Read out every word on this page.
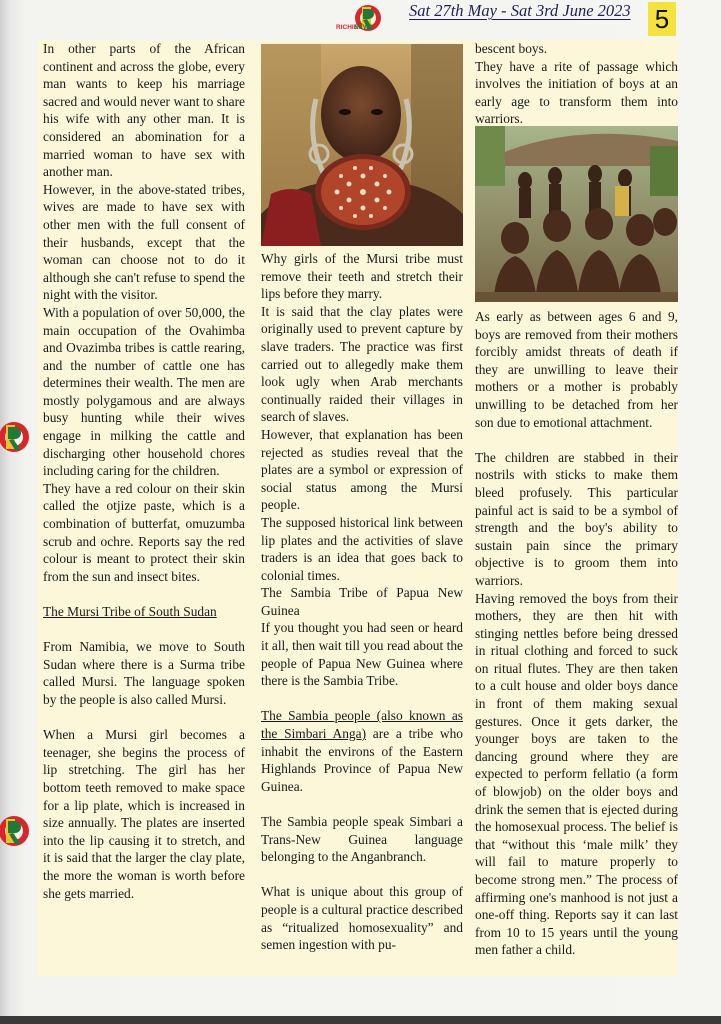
RICHIE
NEWS
Sat 27th May - Sat 3rd June 2023 5

In other parts of the African continent and across the globe, every man wants to keep his marriage sacred and would never want to share his wife with any other man. It is considered an abomination for a married woman to have sex with another man.

However, in the above-stated tribes, wives are made to have sex with other men with the full consent of their husbands, except that the woman can choose not to do it although she can't refuse to spend the night with the visitor.

With a population of over 50,000, the main occupation of the Ovahimba and Ovazimba tribes is cattle rearing, and the number of cattle one has determines their wealth. The men are mostly polygamous and are always busy hunting while their wives engage in milking the cattle and discharging other household chores including caring for the children.

They have a red colour on their skin called the otjize paste, which is a combination of butterfat, omuzumba scrub and ochre. Reports say the red colour is meant to protect their skin from the sun and insect bites.

The Mursi Tribe of South Sudan

From Namibia, we move to South Sudan where there is a Surma tribe called Mursi. The language spoken by the people is also called Mursi.

When a Mursi girl becomes a teenager, she begins the process of lip stretching. The girl has her bottom teeth removed to make space for a lip plate, which is increased in size annually. The plates are inserted into the lip causing it to stretch, and it is said that the larger the clay plate, the more the woman is worth before she gets married.

Why girls of the Mursi tribe must remove their teeth and stretch their lips before they marry.

It is said that the clay plates were originally used to prevent capture by slave traders. The practice was first carried out to allegedly make them look ugly when Arab merchants continually raided their villages in search of slaves.

However, that explanation has been rejected as studies reveal that the plates are a symbol or expression of social status among the Mursi people.

The supposed historical link between lip plates and the activities of slave traders is an idea that goes back to colonial times.

The Sambia Tribe of Papua New Guinea

If you thought you had seen or heard it all, then wait till you read about the people of Papua New Guinea where there is the Sambia Tribe.

The Sambia people (also known as the Simbari Anga) are a tribe who inhabit the environs of the Eastern Highlands Province of Papua New Guinea.

The Sambia people speak Simbari a Trans-New Guinea language belonging to the Anganbranch.

What is unique about this group of people is a cultural practice described as “ritualized homosexuality” and semen ingestion with pu-

bescent boys.

They have a rite of passage which involves the initiation of boys at an early age to transform them into warriors.

As early as between ages 6 and 9, boys are removed from their mothers forcibly amidst threats of death if they are unwilling to leave their mothers or a mother is probably unwilling to be detached from her son due to emotional attachment.

The children are stabbed in their nostrils with sticks to make them bleed profusely. This particular painful act is said to be a symbol of strength and the boy's ability to sustain pain since the primary objective is to groom them into warriors.

Having removed the boys from their mothers, they are then hit with stinging nettles before being dressed in ritual clothing and forced to suck on ritual flutes. They are then taken to a cult house and older boys dance in front of them making sexual gestures. Once it gets darker, the younger boys are taken to the dancing ground where they are expected to perform fellatio (a form of blowjob) on the older boys and drink the semen that is ejected during the homosexual process. The belief is that “without this ‘male milk’ they will fail to mature properly to become strong men.” The process of affirming one's manhood is not just a one-off thing. Reports say it can last from 10 to 15 years until the young men father a child.
